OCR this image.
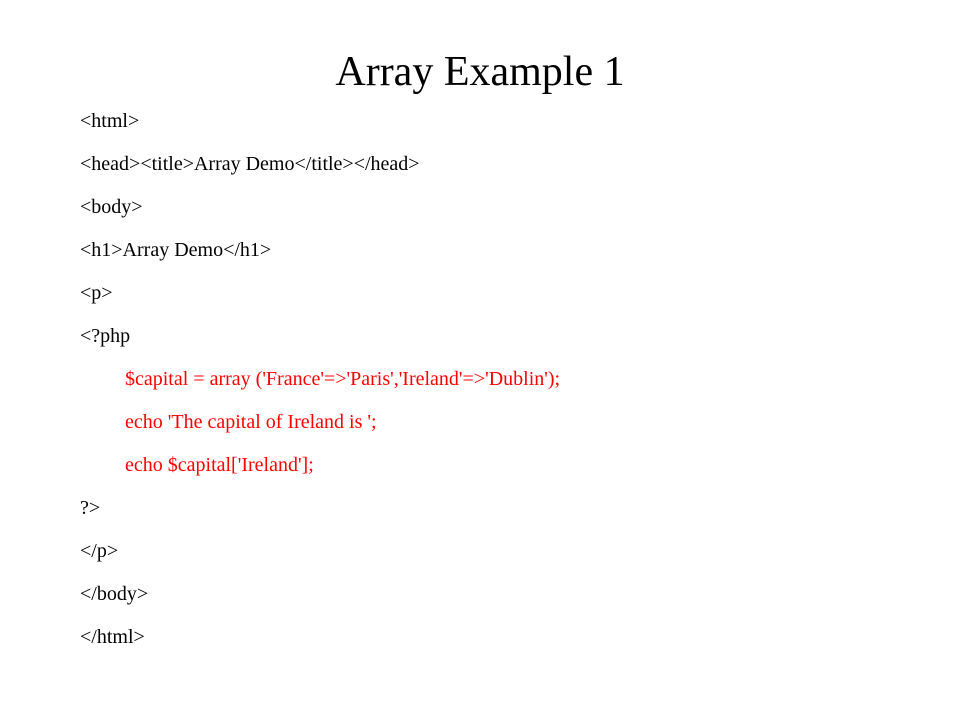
Array Example 1
<html>
<head><title>Array Demo</title></head>
<body>
<h1>Array Demo</h1>
<p>
<?php
$capital = array ('France'=>'Paris','Ireland'=>'Dublin');
echo 'The capital of Ireland is ';
echo $capital['Ireland'];
?>
</p>
</body>
</html>
